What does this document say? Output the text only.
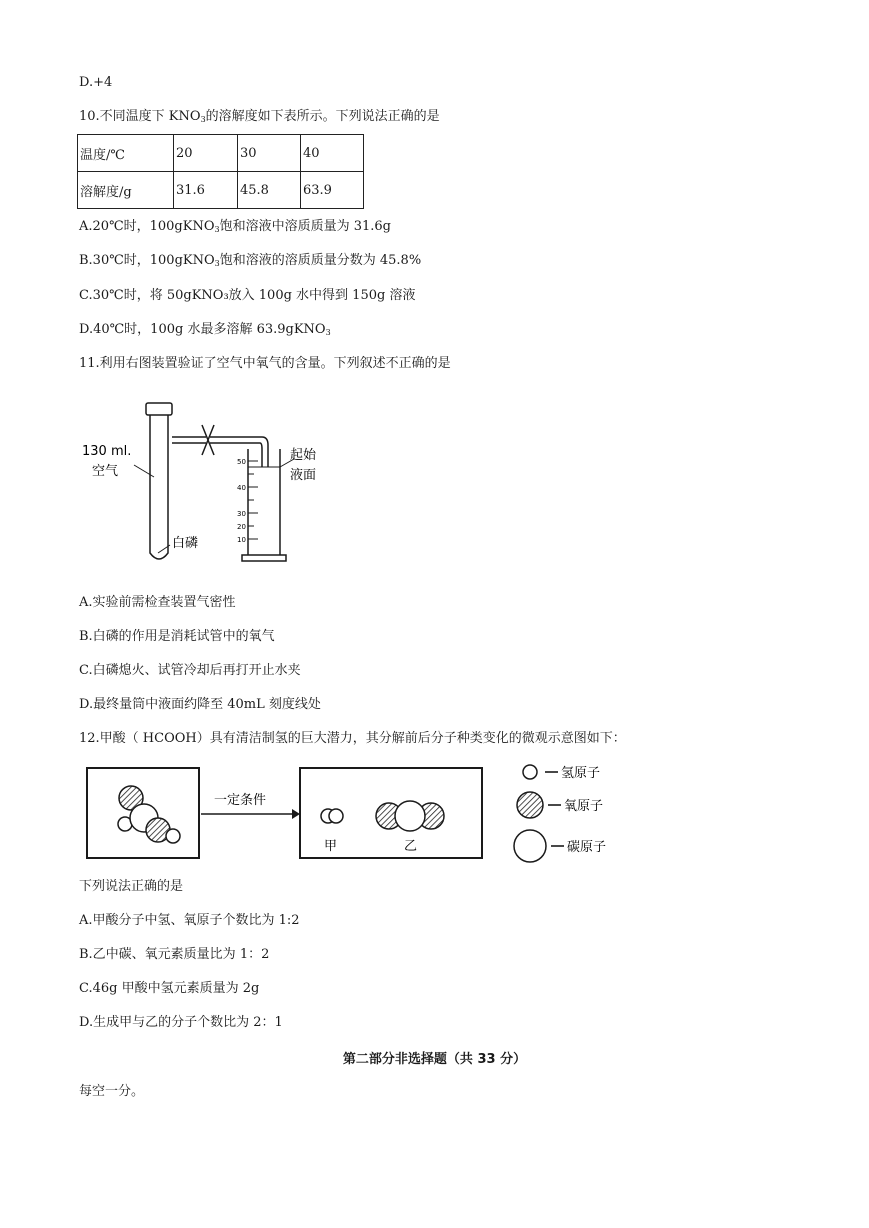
D.+4
10.不同温度下 $KNO_3$的溶解度如下表所示。下列说法正确的是
温度/℃	20	30	40
溶解度/g	31.6	45.8	63.9
A.20℃时，100gKNO$_3$饱和溶液中溶质质量为 31.6g
B.30℃时，100gKNO$_3$饱和溶液的溶质质量分数为 45.8%
C.30℃时，将 50gKNO₃放入 100g 水中得到 150g 溶液
D.40℃时，100g 水最多溶解 63.9gKNO$_3$
11.利用右图装置验证了空气中氧气的含量。下列叙述不正确的是
130 ml.
空气
白磷
起始
液面
50
40
30
20
10
A.实验前需检查装置气密性
B.白磷的作用是消耗试管中的氧气
C.白磷熄火、试管冷却后再打开止水夹
D.最终量筒中液面约降至 40mL 刻度线处
12.甲酸（ HCOOH）具有清洁制氢的巨大潜力，其分解前后分子种类变化的微观示意图如下：
一定条件
甲	乙
氢原子
氧原子
碳原子
下列说法正确的是
A.甲酸分子中氢、氧原子个数比为 1:2
B.乙中碳、氧元素质量比为 1：2
C.46g 甲酸中氢元素质量为 2g
D.生成甲与乙的分子个数比为 2：1
第二部分非选择题（共 33 分）
每空一分。
